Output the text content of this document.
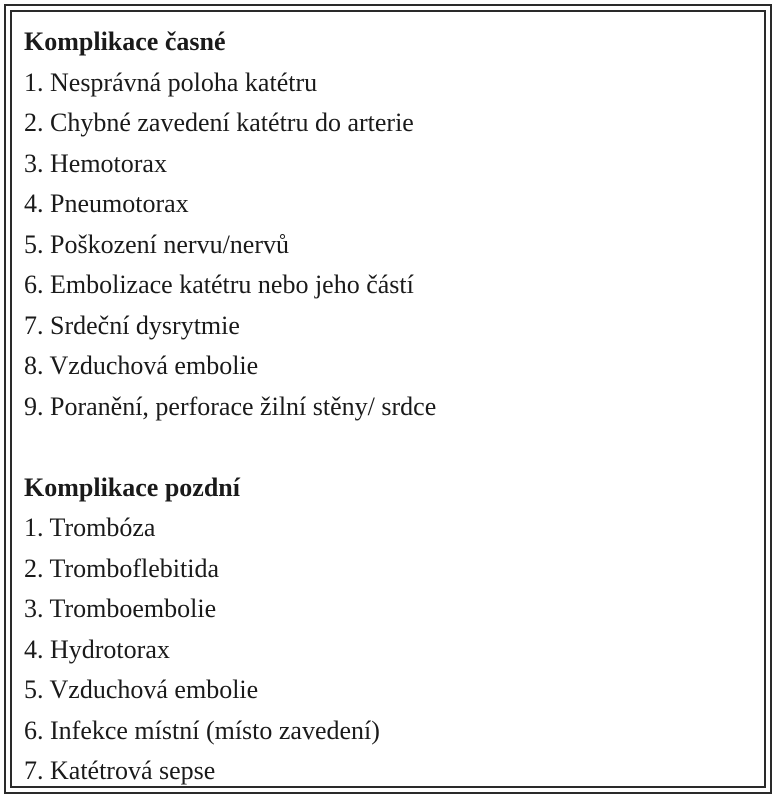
Komplikace časné
1. Nesprávná poloha katétru
2. Chybné zavedení katétru do arterie
3. Hemotorax
4. Pneumotorax
5. Poškození nervu/nervů
6. Embolizace katétru nebo jeho částí
7. Srdeční dysrytmie
8. Vzduchová embolie
9. Poranění, perforace žilní stěny/ srdce
Komplikace pozdní
1. Trombóza
2. Tromboflebitida
3. Tromboembolie
4. Hydrotorax
5. Vzduchová embolie
6. Infekce místní (místo zavedení)
7. Katétrová sepse
